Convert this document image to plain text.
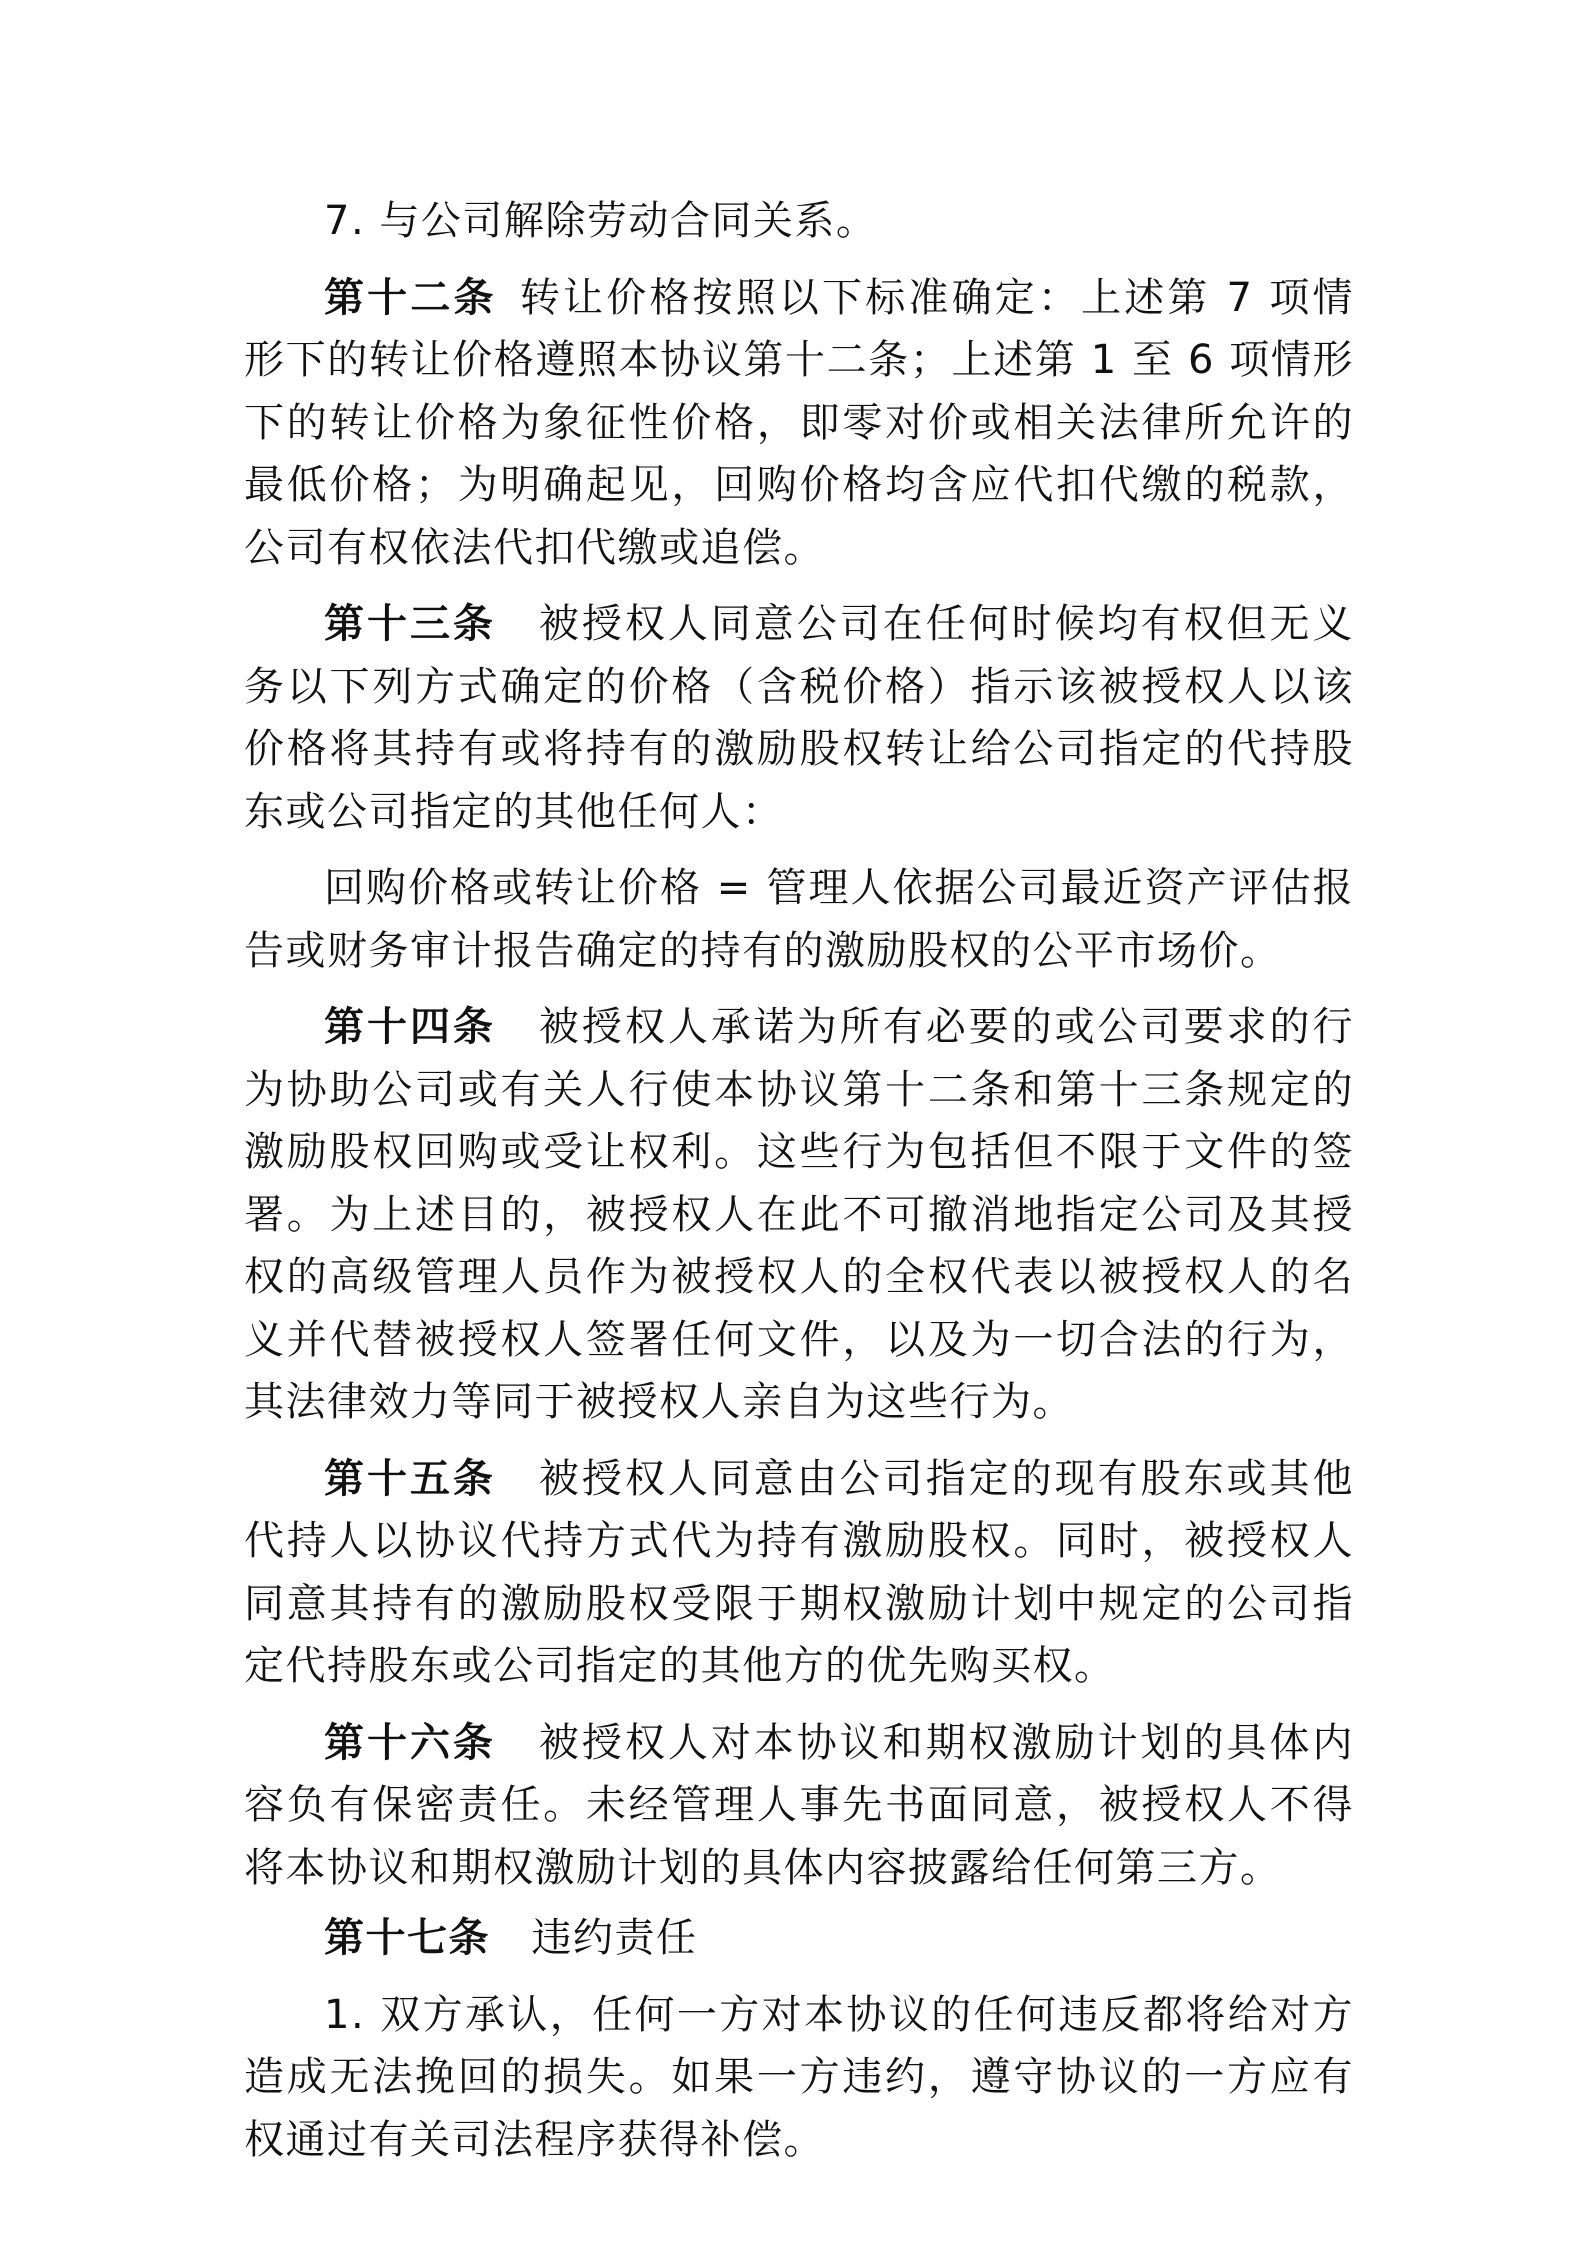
7. 与公司解除劳动合同关系。

第十二条  转让价格按照以下标准确定：上述第 7 项情形下的转让价格遵照本协议第十二条；上述第 1 至 6 项情形下的转让价格为象征性价格，即零对价或相关法律所允许的最低价格；为明确起见，回购价格均含应代扣代缴的税款，公司有权依法代扣代缴或追偿。

第十三条  被授权人同意公司在任何时候均有权但无义务以下列方式确定的价格（含税价格）指示该被授权人以该价格将其持有或将持有的激励股权转让给公司指定的代持股东或公司指定的其他任何人：

回购价格或转让价格 = 管理人依据公司最近资产评估报告或财务审计报告确定的持有的激励股权的公平市场价。

第十四条  被授权人承诺为所有必要的或公司要求的行为协助公司或有关人行使本协议第十二条和第十三条规定的激励股权回购或受让权利。这些行为包括但不限于文件的签署。为上述目的，被授权人在此不可撤消地指定公司及其授权的高级管理人员作为被授权人的全权代表以被授权人的名义并代替被授权人签署任何文件，以及为一切合法的行为，其法律效力等同于被授权人亲自为这些行为。

第十五条  被授权人同意由公司指定的现有股东或其他代持人以协议代持方式代为持有激励股权。同时，被授权人同意其持有的激励股权受限于期权激励计划中规定的公司指定代持股东或公司指定的其他方的优先购买权。

第十六条  被授权人对本协议和期权激励计划的具体内容负有保密责任。未经管理人事先书面同意，被授权人不得将本协议和期权激励计划的具体内容披露给任何第三方。

第十七条  违约责任

1. 双方承认，任何一方对本协议的任何违反都将给对方造成无法挽回的损失。如果一方违约，遵守协议的一方应有权通过有关司法程序获得补偿。
